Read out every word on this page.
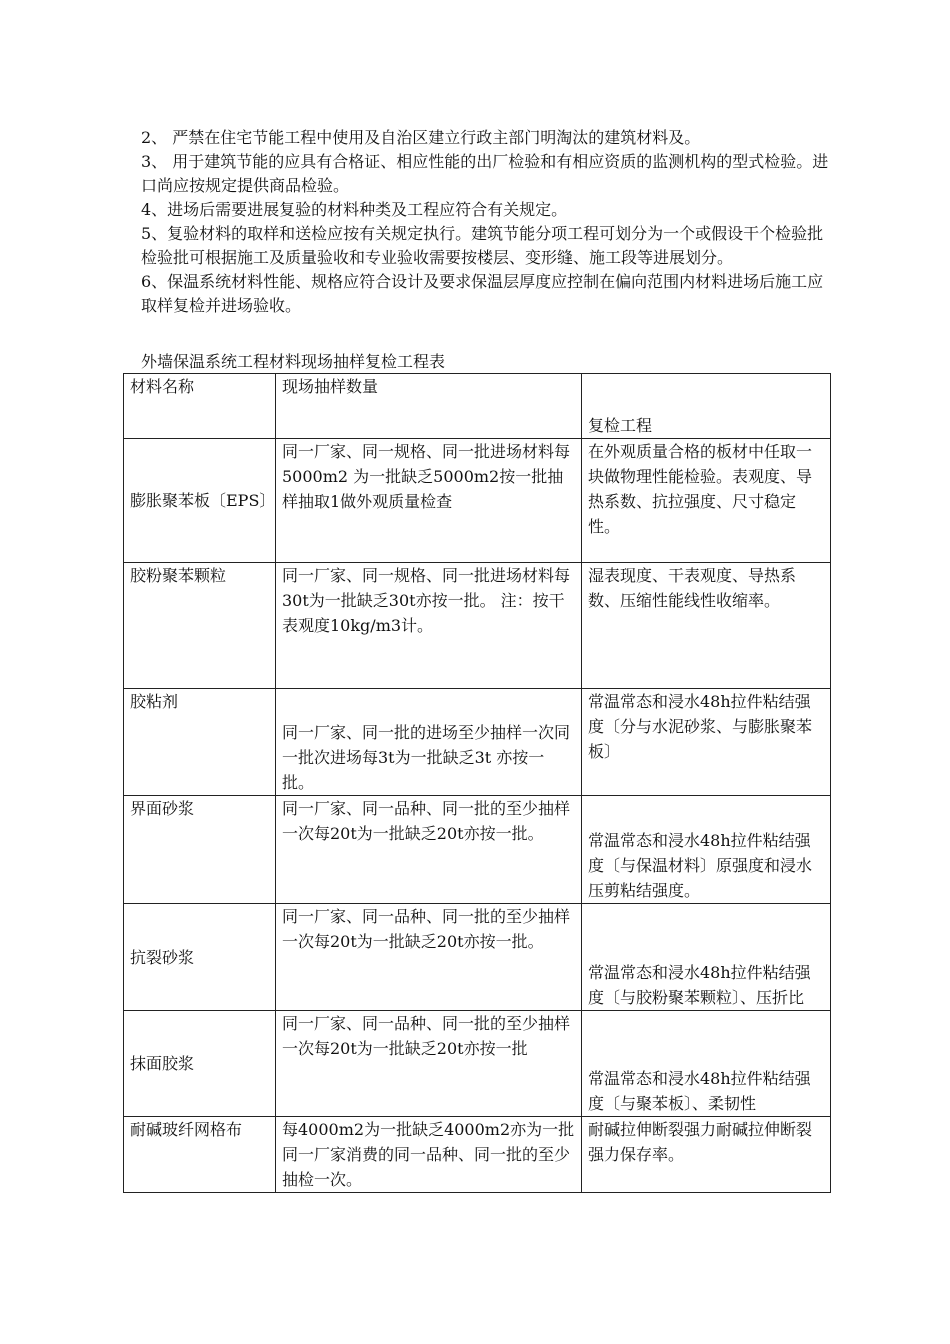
2、 严禁在住宅节能工程中使用及自治区建立行政主部门明淘汰的建筑材料及。

3、 用于建筑节能的应具有合格证、相应性能的出厂检验和有相应资质的监测机构的型式检验。进口尚应按规定提供商品检验。

4、进场后需要进展复验的材料种类及工程应符合有关规定。

5、复验材料的取样和送检应按有关规定执行。建筑节能分项工程可划分为一个或假设干个检验批检验批可根据施工及质量验收和专业验收需要按楼层、变形缝、施工段等进展划分。

6、保温系统材料性能、规格应符合设计及要求保温层厚度应控制在偏向范围内材料进场后施工应取样复检并进场验收。

外墙保温系统工程材料现场抽样复检工程表
材料名称	现场抽样数量	复检工程

膨胀聚苯板〔EPS〕	同一厂家、同一规格、同一批进场材料每5000m2 为一批缺乏5000m2按一批抽样抽取1做外观质量检查	在外观质量合格的板材中任取一块做物理性能检验。表观度、导热系数、抗拉强度、尺寸稳定性。
胶粉聚苯颗粒	同一厂家、同一规格、同一批进场材料每30t为一批缺乏30t亦按一批。 注：按干表观度10kg/m3计。	湿表现度、干表观度、导热系数、压缩性能线性收缩率。
胶粘剂	同一厂家、同一批的进场至少抽样一次同一批次进场每3t为一批缺乏3t 亦按一批。	常温常态和浸水48h拉件粘结强度〔分与水泥砂浆、与膨胀聚苯板〕
界面砂浆	同一厂家、同一品种、同一批的至少抽样一次每20t为一批缺乏20t亦按一批。	常温常态和浸水48h拉件粘结强度〔与保温材料〕原强度和浸水压剪粘结强度。
抗裂砂浆	同一厂家、同一品种、同一批的至少抽样一次每20t为一批缺乏20t亦按一批。	常温常态和浸水48h拉件粘结强度〔与胶粉聚苯颗粒〕、压折比
抹面胶浆	同一厂家、同一品种、同一批的至少抽样一次每20t为一批缺乏20t亦按一批	常温常态和浸水48h拉件粘结强度〔与聚苯板〕、柔韧性
耐碱玻纤网格布	每4000m2为一批缺乏4000m2亦为一批同一厂家消费的同一品种、同一批的至少抽检一次。	耐碱拉伸断裂强力耐碱拉伸断裂强力保存率。
